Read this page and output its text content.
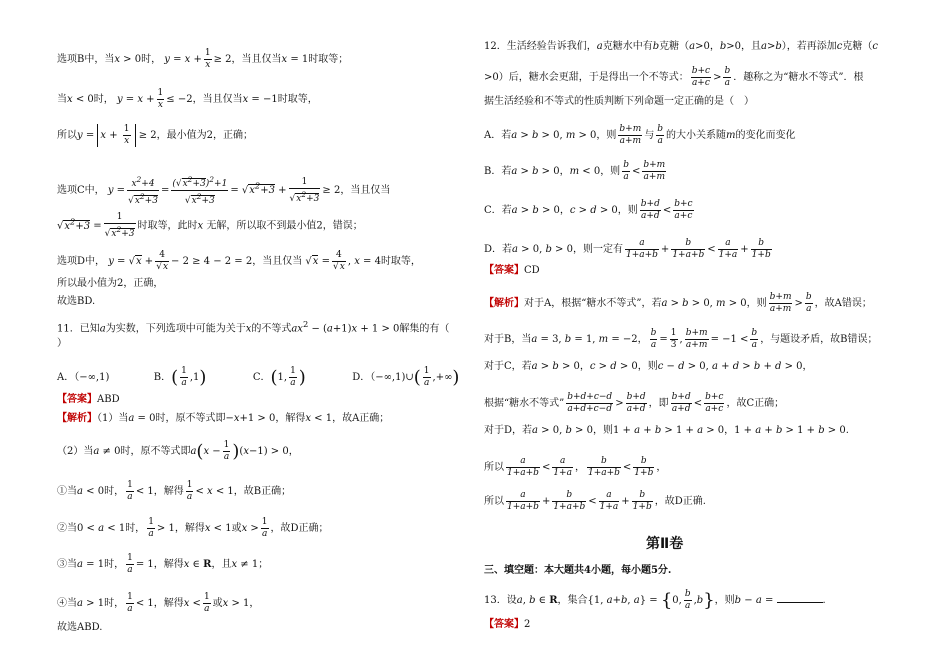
选项B中，当x > 0时， $y = x + \frac{1}{x} \ge 2$，当且仅当x = 1时取等；
当x < 0时， $y = x + \frac{1}{x} \le -2$，当且仅当x = −1时取等，
所以$y = x + \frac{1}{x} \ge 2$，最小值为2，正确；
选项C中， $y = \frac{x^2+4}{√x^2+3} = \frac{(√x^2+3)^2+1}{√x^2+3} = √x^2+3 + \frac{1}{√x^2+3} \ge 2$，当且仅当
$√x^2+3 = \frac{1}{√x^2+3}$ 时取等，此时x 无解，所以取不到最小值2，错误；
选项D中， $y = √x + \frac{4}{√x} - 2 \ge 4 - 2 = 2$，当且仅当 $√x = \frac{4}{√x}$ , x = 4时取等，
所以最小值为2，正确，
故选BD.
11．已知a为实数，下列选项中可能为关于x的不等式$ax^2 - (a+1)x + 1 > 0$解集的有（
）
A．（−∞,1)	B．( $\frac{1}{a} ,1$)	C．(1, $\frac{1}{a}$ )	D．（−∞,1)∪( $\frac{1}{a}$ ,+∞)
【答案】ABD
【解析】（1）当a = 0时，原不等式即−x+1 > 0，解得x < 1，故A正确；
（2）当a ≠ 0时，原不等式即$a(x - \frac{1}{a} )(x-1) > 0$，
①当a < 0时， $\frac{1}{a} < 1$，解得 $\frac{1}{a} < x < 1$，故B正确；
②当0 < a < 1时， $\frac{1}{a} > 1$，解得x < 1或$x > \frac{1}{a}$ ，故D正确；
③当a = 1时， $\frac{1}{a} = 1$，解得x ∈ R，且x ≠ 1；
④当a > 1时， $\frac{1}{a} < 1$，解得$x < \frac{1}{a}$ 或x > 1，
故选ABD.
12．生活经验告诉我们，a克糖水中有b克糖（a>0，b>0，且a>b），若再添加c克糖（c
>0）后，糖水会更甜，于是得出一个不等式： $\frac{b+c}{a+c} > \frac{b}{a}$ ．趣称之为“糖水不等式”．根
据生活经验和不等式的性质判断下列命题一定正确的是（　）
A．若a > b > 0, m > 0，则 $\frac{b+m}{a+m}$ 与 $\frac{b}{a}$ 的大小关系随m的变化而变化
B．若a > b > 0，m < 0，则 $\frac{b}{a} < \frac{b+m}{a+m}$
C．若a > b > 0，c > d > 0，则 $\frac{b+d}{a+d} < \frac{b+c}{a+c}$
D．若a > 0, b > 0，则一定有 $\frac{a}{1+a+b} + \frac{b}{1+a+b} < \frac{a}{1+a} + \frac{b}{1+b}$
【答案】CD
【解析】对于A，根据“糖水不等式”，若a > b > 0, m > 0，则 $\frac{b+m}{a+m} > \frac{b}{a}$ ，故A错误；
对于B，当a = 3, b = 1, m = −2， $\frac{b}{a} = \frac{1}{3}$ , $\frac{b+m}{a+m} = -1 < \frac{b}{a}$ ，与题设矛盾，故B错误；
对于C，若a > b > 0，c > d > 0，则c − d > 0, a + d > b + d > 0，
根据“糖水不等式” $\frac{b+d+c-d}{a+d+c-d} > \frac{b+d}{a+d}$ ，即 $\frac{b+d}{a+d} < \frac{b+c}{a+c}$ ，故C正确；
对于D，若a > 0, b > 0，则1 + a + b > 1 + a > 0，1 + a + b > 1 + b > 0.
所以 $\frac{a}{1+a+b} < \frac{a}{1+a}$ ， $\frac{b}{1+a+b} < \frac{b}{1+b}$ ，
所以 $\frac{a}{1+a+b} + \frac{b}{1+a+b} < \frac{a}{1+a} + \frac{b}{1+b}$ ，故D正确.
第Ⅱ卷
三、填空题：本大题共4小题，每小题5分.
13．设a, b ∈ R，集合{1, a+b, a} = {0, $\frac{b}{a} ,b$}，则b − a =	.
【答案】2
